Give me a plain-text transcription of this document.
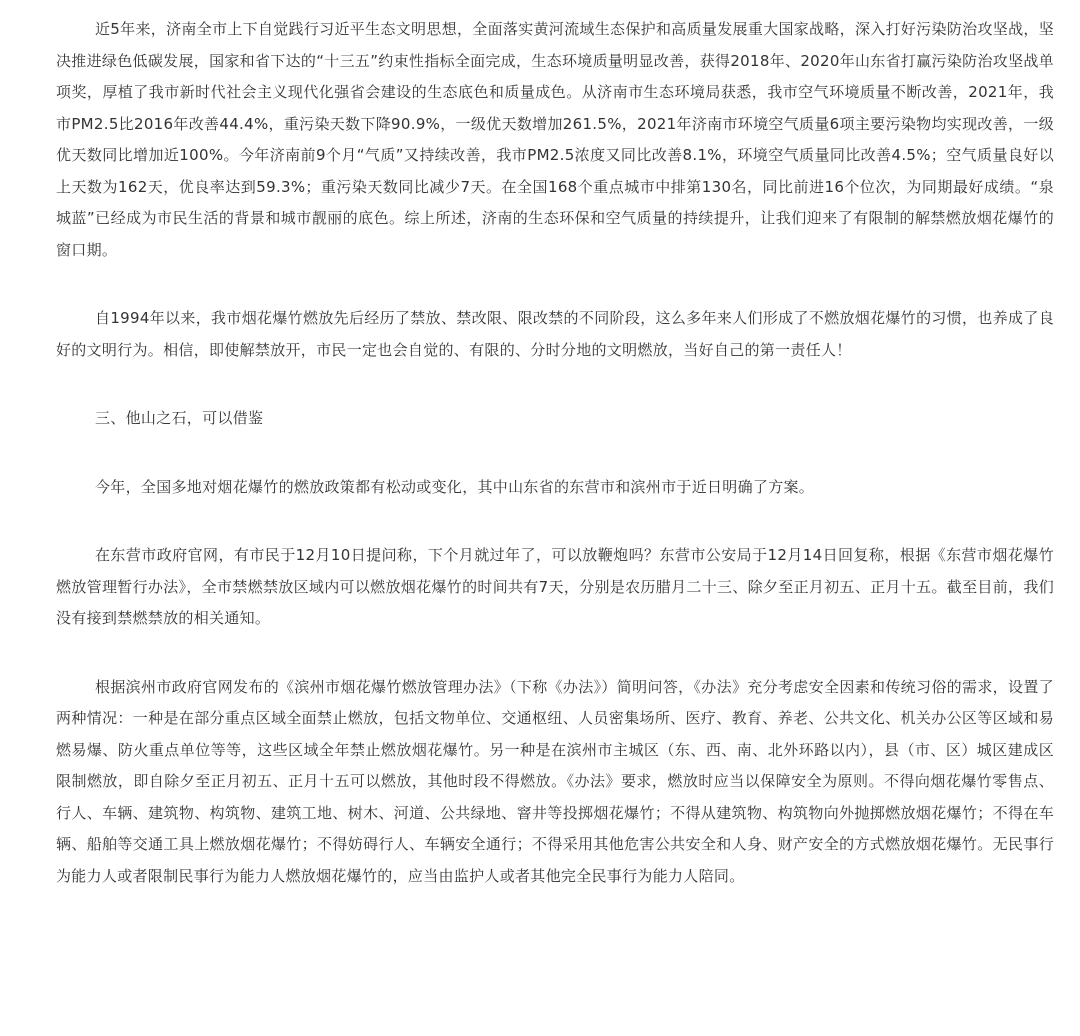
近5年来，济南全市上下自觉践行习近平生态文明思想，全面落实黄河流域生态保护和高质量发展重大国家战略，深入打好污染防治攻坚战，坚决推进绿色低碳发展，国家和省下达的“十三五”约束性指标全面完成，生态环境质量明显改善，获得2018年、2020年山东省打赢污染防治攻坚战单项奖，厚植了我市新时代社会主义现代化强省会建设的生态底色和质量成色。从济南市生态环境局获悉，我市空气环境质量不断改善，2021年，我市PM2.5比2016年改善44.4%，重污染天数下降90.9%，一级优天数增加261.5%，2021年济南市环境空气质量6项主要污染物均实现改善，一级优天数同比增加近100%。今年济南前9个月“气质”又持续改善，我市PM2.5浓度又同比改善8.1%，环境空气质量同比改善4.5%；空气质量良好以上天数为162天，优良率达到59.3%；重污染天数同比减少7天。在全国168个重点城市中排第130名，同比前进16个位次，为同期最好成绩。“泉城蓝”已经成为市民生活的背景和城市靓丽的底色。综上所述，济南的生态环保和空气质量的持续提升，让我们迎来了有限制的解禁燃放烟花爆竹的窗口期。

自1994年以来，我市烟花爆竹燃放先后经历了禁放、禁改限、限改禁的不同阶段，这么多年来人们形成了不燃放烟花爆竹的习惯，也养成了良好的文明行为。相信，即使解禁放开，市民一定也会自觉的、有限的、分时分地的文明燃放，当好自己的第一责任人！

三、他山之石，可以借鉴

今年，全国多地对烟花爆竹的燃放政策都有松动或变化，其中山东省的东营市和滨州市于近日明确了方案。

在东营市政府官网，有市民于12月10日提问称，下个月就过年了，可以放鞭炮吗？东营市公安局于12月14日回复称，根据《东营市烟花爆竹燃放管理暂行办法》，全市禁燃禁放区域内可以燃放烟花爆竹的时间共有7天，分别是农历腊月二十三、除夕至正月初五、正月十五。截至目前，我们没有接到禁燃禁放的相关通知。

根据滨州市政府官网发布的《滨州市烟花爆竹燃放管理办法》（下称《办法》）简明问答，《办法》充分考虑安全因素和传统习俗的需求，设置了两种情况：一种是在部分重点区域全面禁止燃放，包括文物单位、交通枢纽、人员密集场所、医疗、教育、养老、公共文化、机关办公区等区域和易燃易爆、防火重点单位等等，这些区域全年禁止燃放烟花爆竹。另一种是在滨州市主城区（东、西、南、北外环路以内），县（市、区）城区建成区限制燃放，即自除夕至正月初五、正月十五可以燃放，其他时段不得燃放。《办法》要求，燃放时应当以保障安全为原则。不得向烟花爆竹零售点、行人、车辆、建筑物、构筑物、建筑工地、树木、河道、公共绿地、窨井等投掷烟花爆竹；不得从建筑物、构筑物向外抛掷燃放烟花爆竹；不得在车辆、船舶等交通工具上燃放烟花爆竹；不得妨碍行人、车辆安全通行；不得采用其他危害公共安全和人身、财产安全的方式燃放烟花爆竹。无民事行为能力人或者限制民事行为能力人燃放烟花爆竹的，应当由监护人或者其他完全民事行为能力人陪同。
